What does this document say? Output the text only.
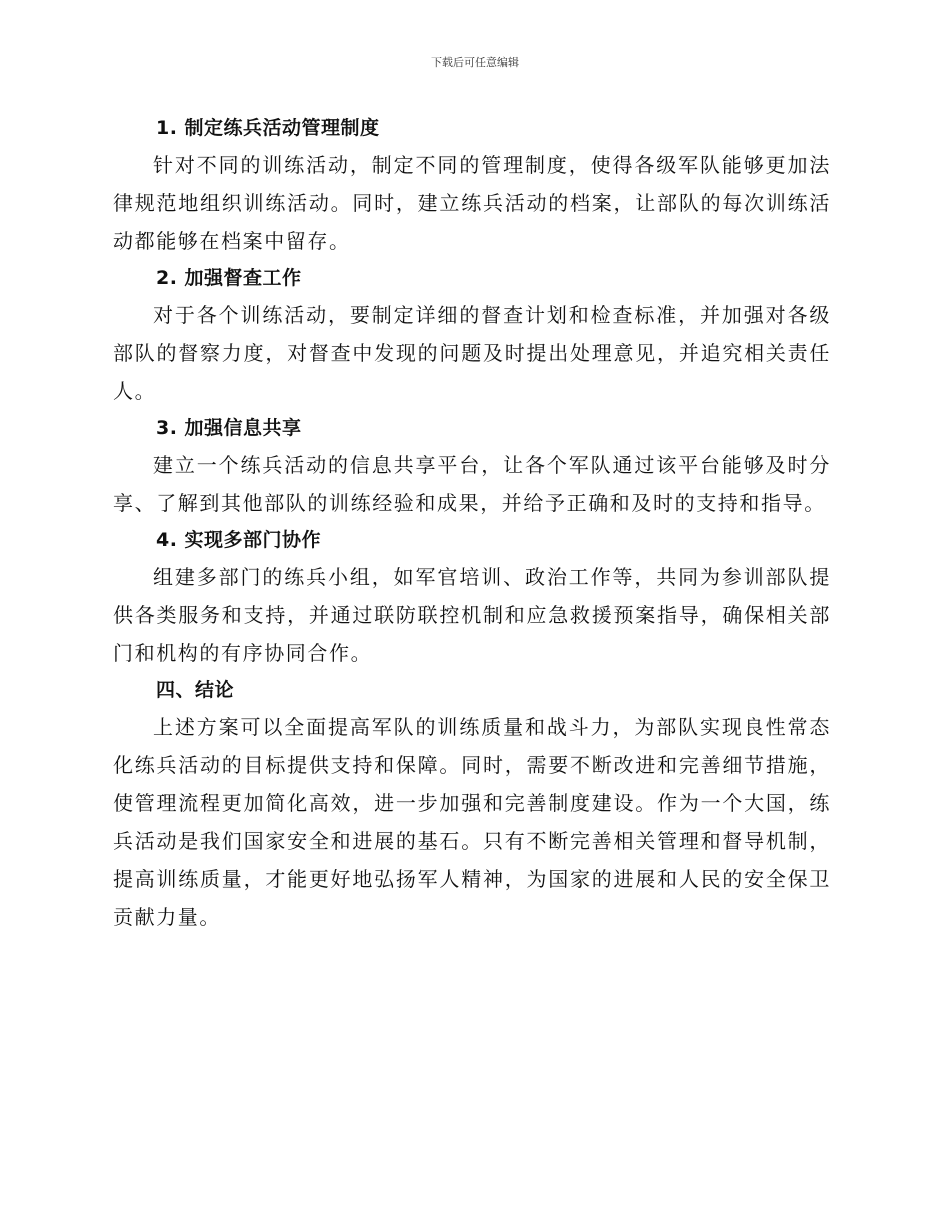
下载后可任意编辑
1. 制定练兵活动管理制度

针对不同的训练活动，制定不同的管理制度，使得各级军队能够更加法律规范地组织训练活动。同时，建立练兵活动的档案，让部队的每次训练活动都能够在档案中留存。

2. 加强督查工作

对于各个训练活动，要制定详细的督查计划和检查标准，并加强对各级部队的督察力度，对督查中发现的问题及时提出处理意见，并追究相关责任人。

3. 加强信息共享

建立一个练兵活动的信息共享平台，让各个军队通过该平台能够及时分享、了解到其他部队的训练经验和成果，并给予正确和及时的支持和指导。

4. 实现多部门协作

组建多部门的练兵小组，如军官培训、政治工作等，共同为参训部队提供各类服务和支持，并通过联防联控机制和应急救援预案指导，确保相关部门和机构的有序协同合作。

四、结论

上述方案可以全面提高军队的训练质量和战斗力，为部队实现良性常态化练兵活动的目标提供支持和保障。同时，需要不断改进和完善细节措施，使管理流程更加简化高效，进一步加强和完善制度建设。作为一个大国，练兵活动是我们国家安全和进展的基石。只有不断完善相关管理和督导机制，提高训练质量，才能更好地弘扬军人精神，为国家的进展和人民的安全保卫贡献力量。
